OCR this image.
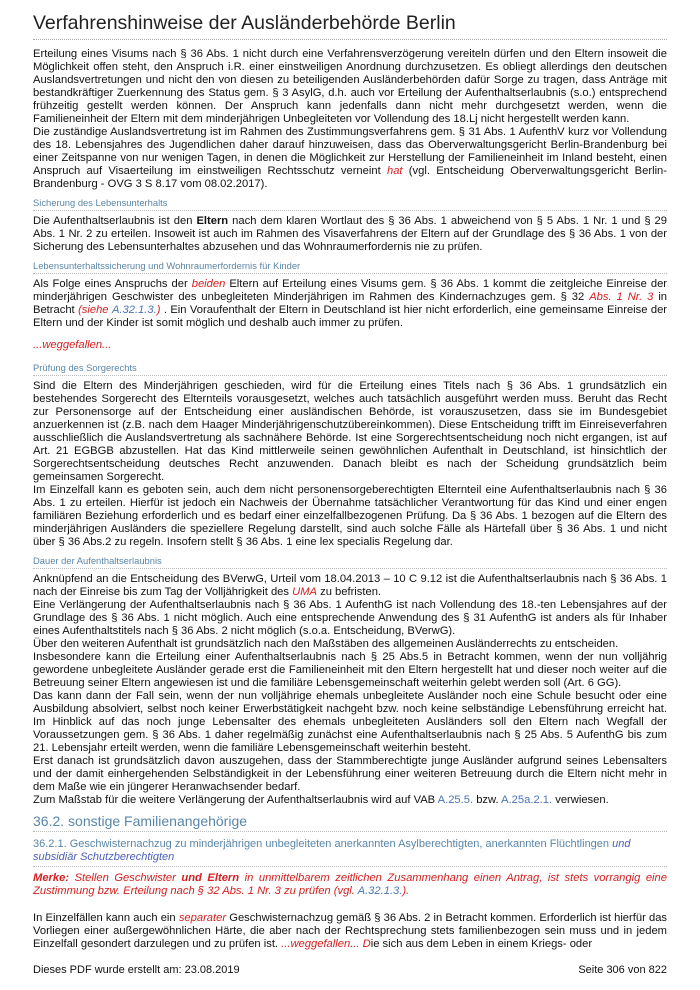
Verfahrenshinweise der Ausländerbehörde Berlin

Erteilung eines Visums nach § 36 Abs. 1 nicht durch eine Verfahrensverzögerung vereiteln dürfen und den Eltern insoweit die Möglichkeit offen steht, den Anspruch i.R. einer einstweiligen Anordnung durchzusetzen. Es obliegt allerdings den deutschen Auslandsvertretungen und nicht den von diesen zu beteiligenden Ausländerbehörden dafür Sorge zu tragen, dass Anträge mit bestandkräftiger Zuerkennung des Status gem. § 3 AsylG, d.h. auch vor Erteilung der Aufenthaltserlaubnis (s.o.) entsprechend frühzeitig gestellt werden können. Der Anspruch kann jedenfalls dann nicht mehr durchgesetzt werden, wenn die Familieneinheit der Eltern mit dem minderjährigen Unbegleiteten vor Vollendung des 18.Lj nicht hergestellt werden kann.

Die zuständige Auslandsvertretung ist im Rahmen des Zustimmungsverfahrens gem. § 31 Abs. 1 AufenthV kurz vor Vollendung des 18. Lebensjahres des Jugendlichen daher darauf hinzuweisen, dass das Oberverwaltungsgericht Berlin-Brandenburg bei einer Zeitspanne von nur wenigen Tagen, in denen die Möglichkeit zur Herstellung der Familieneinheit im Inland besteht, einen Anspruch auf Visaerteilung im einstweiligen Rechtsschutz verneint hat (vgl. Entscheidung Oberverwaltungsgericht Berlin-Brandenburg - OVG 3 S 8.17 vom 08.02.2017).

Sicherung des Lebensunterhalts

Die Aufenthaltserlaubnis ist den Eltern nach dem klaren Wortlaut des § 36 Abs. 1 abweichend von § 5 Abs. 1 Nr. 1 und § 29 Abs. 1 Nr. 2 zu erteilen. Insoweit ist auch im Rahmen des Visaverfahrens der Eltern auf der Grundlage des § 36 Abs. 1 von der Sicherung des Lebensunterhaltes abzusehen und das Wohnraumerfordernis nie zu prüfen.

Lebensunterhaltssicherung und Wohnraumerfordernis für Kinder

Als Folge eines Anspruchs der beiden Eltern auf Erteilung eines Visums gem. § 36 Abs. 1 kommt die zeitgleiche Einreise der minderjährigen Geschwister des unbegleiteten Minderjährigen im Rahmen des Kindernachzuges gem. § 32 Abs. 1 Nr. 3 in Betracht (siehe A.32.1.3.) . Ein Voraufenthalt der Eltern in Deutschland ist hier nicht erforderlich, eine gemeinsame Einreise der Eltern und der Kinder ist somit möglich und deshalb auch immer zu prüfen.

...weggefallen...

Prüfung des Sorgerechts

Sind die Eltern des Minderjährigen geschieden, wird für die Erteilung eines Titels nach § 36 Abs. 1 grundsätzlich ein bestehendes Sorgerecht des Elternteils vorausgesetzt, welches auch tatsächlich ausgeführt werden muss. Beruht das Recht zur Personensorge auf der Entscheidung einer ausländischen Behörde, ist vorauszusetzen, dass sie im Bundesgebiet anzuerkennen ist (z.B. nach dem Haager Minderjährigenschutzübereinkommen). Diese Entscheidung trifft im Einreiseverfahren ausschließlich die Auslandsvertretung als sachnähere Behörde. Ist eine Sorgerechtsentscheidung noch nicht ergangen, ist auf Art. 21 EGBGB abzustellen. Hat das Kind mittlerweile seinen gewöhnlichen Aufenthalt in Deutschland, ist hinsichtlich der Sorgerechtsentscheidung deutsches Recht anzuwenden. Danach bleibt es nach der Scheidung grundsätzlich beim gemeinsamen Sorgerecht.

Im Einzelfall kann es geboten sein, auch dem nicht personensorgeberechtigten Elternteil eine Aufenthaltserlaubnis nach § 36 Abs. 1 zu erteilen. Hierfür ist jedoch ein Nachweis der Übernahme tatsächlicher Verantwortung für das Kind und einer engen familiären Beziehung erforderlich und es bedarf einer einzelfallbezogenen Prüfung. Da § 36 Abs. 1 bezogen auf die Eltern des minderjährigen Ausländers die speziellere Regelung darstellt, sind auch solche Fälle als Härtefall über § 36 Abs. 1 und nicht über § 36 Abs.2 zu regeln. Insofern stellt § 36 Abs. 1 eine lex specialis Regelung dar.

Dauer der Aufenthaltserlaubnis

Anknüpfend an die Entscheidung des BVerwG, Urteil vom 18.04.2013 – 10 C 9.12 ist die Aufenthaltserlaubnis nach § 36 Abs. 1 nach der Einreise bis zum Tag der Volljährigkeit des UMA zu befristen.

Eine Verlängerung der Aufenthaltserlaubnis nach § 36 Abs. 1 AufenthG ist nach Vollendung des 18.-ten Lebensjahres auf der Grundlage des § 36 Abs. 1 nicht möglich. Auch eine entsprechende Anwendung des § 31 AufenthG ist anders als für Inhaber eines Aufenthaltstitels nach § 36 Abs. 2 nicht möglich (s.o.a. Entscheidung, BVerwG).

Über den weiteren Aufenthalt ist grundsätzlich nach den Maßstäben des allgemeinen Ausländerrechts zu entscheiden.

Insbesondere kann die Erteilung einer Aufenthaltserlaubnis nach § 25 Abs.5 in Betracht kommen, wenn der nun volljährig gewordene unbegleitete Ausländer gerade erst die Familieneinheit mit den Eltern hergestellt hat und dieser noch weiter auf die Betreuung seiner Eltern angewiesen ist und die familiäre Lebensgemeinschaft weiterhin gelebt werden soll (Art. 6 GG).

Das kann dann der Fall sein, wenn der nun volljährige ehemals unbegleitete Ausländer noch eine Schule besucht oder eine Ausbildung absolviert, selbst noch keiner Erwerbstätigkeit nachgeht bzw. noch keine selbständige Lebensführung erreicht hat. Im Hinblick auf das noch junge Lebensalter des ehemals unbegleiteten Ausländers soll den Eltern nach Wegfall der Voraussetzungen gem. § 36 Abs. 1 daher regelmäßig zunächst eine Aufenthaltserlaubnis nach § 25 Abs. 5 AufenthG bis zum 21. Lebensjahr erteilt werden, wenn die familiäre Lebensgemeinschaft weiterhin besteht.

Erst danach ist grundsätzlich davon auszugehen, dass der Stammberechtigte junge Ausländer aufgrund seines Lebensalters und der damit einhergehenden Selbständigkeit in der Lebensführung einer weiteren Betreuung durch die Eltern nicht mehr in dem Maße wie ein jüngerer Heranwachsender bedarf.

Zum Maßstab für die weitere Verlängerung der Aufenthaltserlaubnis wird auf VAB A.25.5. bzw. A.25a.2.1. verwiesen.

36.2. sonstige Familienangehörige
36.2.1. Geschwisternachzug zu minderjährigen unbegleiteten anerkannten Asylberechtigten, anerkannten Flüchtlingen und subsidiär Schutzberechtigten

Merke: Stellen Geschwister und Eltern in unmittelbarem zeitlichen Zusammenhang einen Antrag, ist stets vorrangig eine Zustimmung bzw. Erteilung nach § 32 Abs. 1 Nr. 3 zu prüfen (vgl. A.32.1.3.).

In Einzelfällen kann auch ein separater Geschwisternachzug gemäß § 36 Abs. 2 in Betracht kommen. Erforderlich ist hierfür das Vorliegen einer außergewöhnlichen Härte, die aber nach der Rechtsprechung stets familienbezogen sein muss und in jedem Einzelfall gesondert darzulegen und zu prüfen ist. ...weggefallen... Die sich aus dem Leben in einem Kriegs- oder

Dieses PDF wurde erstellt am: 23.08.2019	Seite 306 von 822
